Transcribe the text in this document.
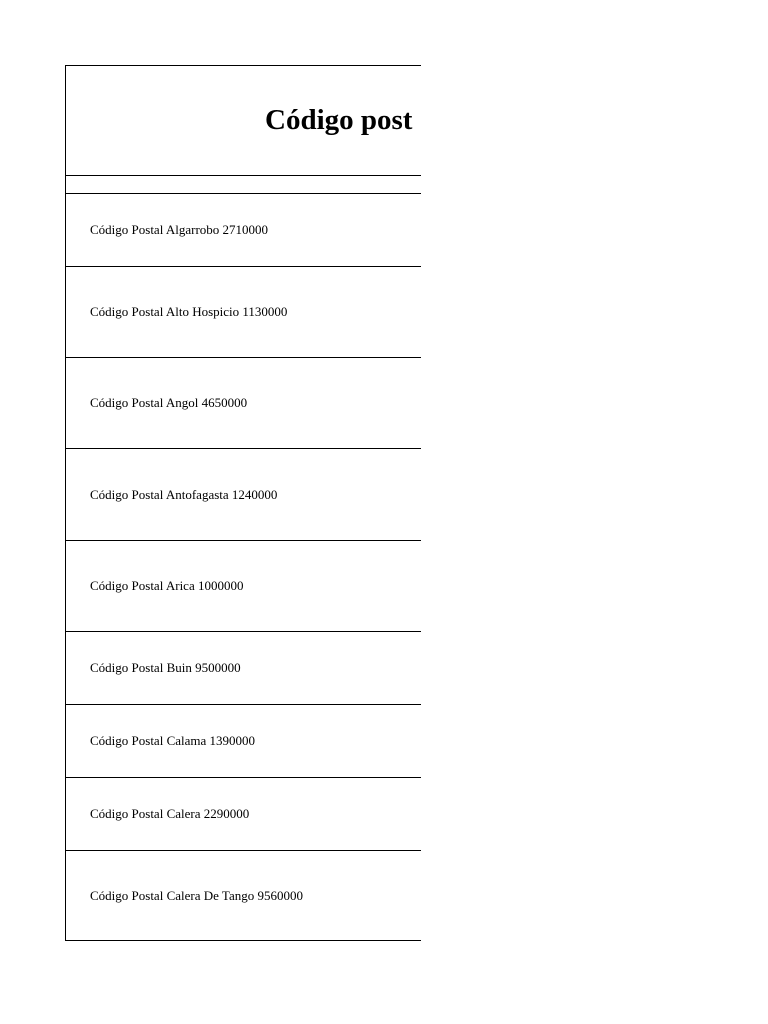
Código post
Código Postal Algarrobo 2710000
Código Postal Alto Hospicio 1130000
Código Postal Angol 4650000
Código Postal Antofagasta 1240000
Código Postal Arica 1000000
Código Postal Buin 9500000
Código Postal Calama 1390000
Código Postal Calera 2290000
Código Postal Calera De Tango 9560000
